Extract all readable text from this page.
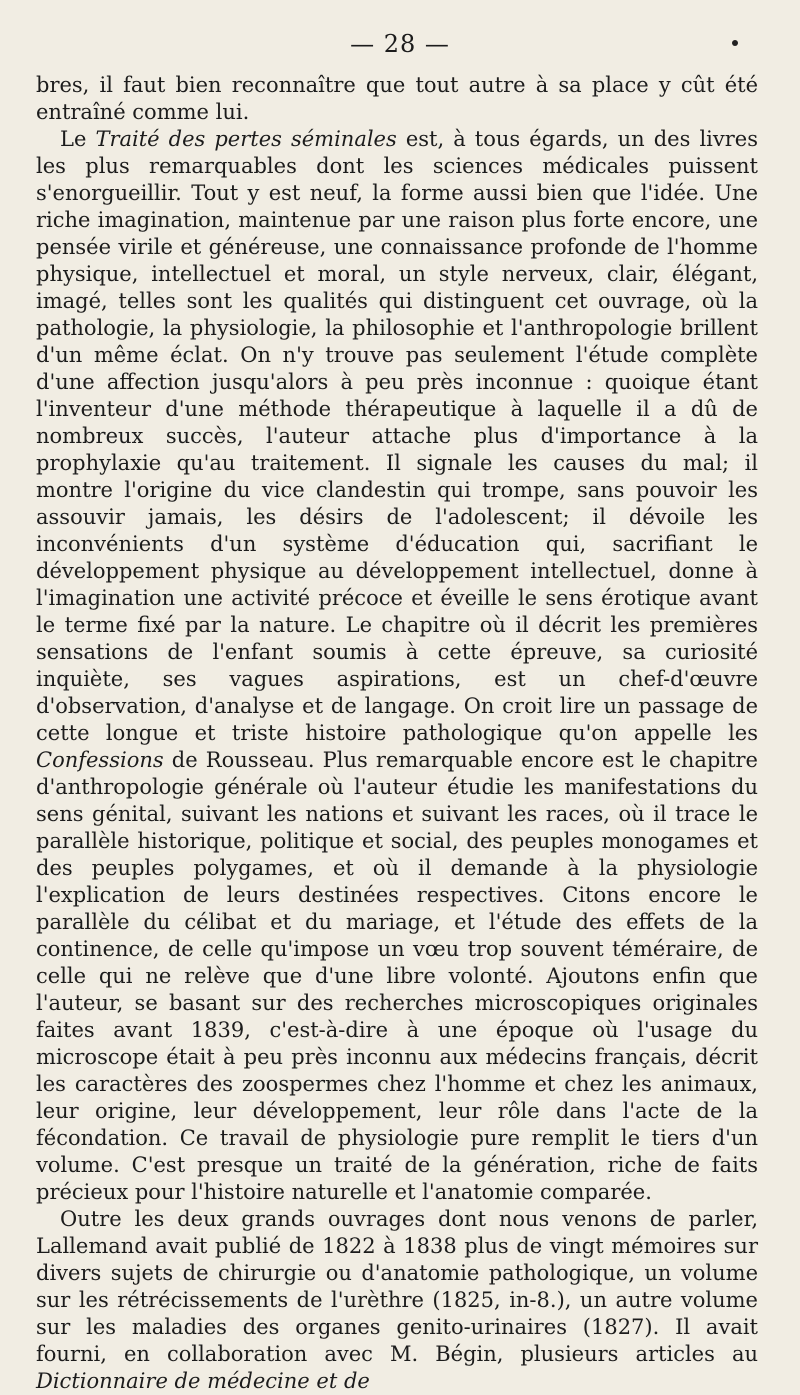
— 28 —

bres, il faut bien reconnaître que tout autre à sa place y cût été entraîné comme lui.

Le Traité des pertes séminales est, à tous égards, un des livres les plus remarquables dont les sciences médicales puissent s'enorgueillir. Tout y est neuf, la forme aussi bien que l'idée. Une riche imagination, maintenue par une raison plus forte encore, une pensée virile et généreuse, une connaissance profonde de l'homme physique, intellectuel et moral, un style nerveux, clair, élégant, imagé, telles sont les qualités qui distinguent cet ouvrage, où la pathologie, la physiologie, la philosophie et l'anthropologie brillent d'un même éclat. On n'y trouve pas seulement l'étude complète d'une affection jusqu'alors à peu près inconnue : quoique étant l'inventeur d'une méthode thérapeutique à laquelle il a dû de nombreux succès, l'auteur attache plus d'importance à la prophylaxie qu'au traitement. Il signale les causes du mal; il montre l'origine du vice clandestin qui trompe, sans pouvoir les assouvir jamais, les désirs de l'adolescent; il dévoile les inconvénients d'un système d'éducation qui, sacrifiant le développement physique au développement intellectuel, donne à l'imagination une activité précoce et éveille le sens érotique avant le terme fixé par la nature. Le chapitre où il décrit les premières sensations de l'enfant soumis à cette épreuve, sa curiosité inquiète, ses vagues aspirations, est un chef-d'œuvre d'observation, d'analyse et de langage. On croit lire un passage de cette longue et triste histoire pathologique qu'on appelle les Confessions de Rousseau. Plus remarquable encore est le chapitre d'anthropologie générale où l'auteur étudie les manifestations du sens génital, suivant les nations et suivant les races, où il trace le parallèle historique, politique et social, des peuples monogames et des peuples polygames, et où il demande à la physiologie l'explication de leurs destinées respectives. Citons encore le parallèle du célibat et du mariage, et l'étude des effets de la continence, de celle qu'impose un vœu trop souvent téméraire, de celle qui ne relève que d'une libre volonté. Ajoutons enfin que l'auteur, se basant sur des recherches microscopiques originales faites avant 1839, c'est-à-dire à une époque où l'usage du microscope était à peu près inconnu aux médecins français, décrit les caractères des zoospermes chez l'homme et chez les animaux, leur origine, leur développement, leur rôle dans l'acte de la fécondation. Ce travail de physiologie pure remplit le tiers d'un volume. C'est presque un traité de la génération, riche de faits précieux pour l'histoire naturelle et l'anatomie comparée.

Outre les deux grands ouvrages dont nous venons de parler, Lallemand avait publié de 1822 à 1838 plus de vingt mémoires sur divers sujets de chirurgie ou d'anatomie pathologique, un volume sur les rétrécissements de l'urèthre (1825, in-8.), un autre volume sur les maladies des organes genito-urinaires (1827). Il avait fourni, en collaboration avec M. Bégin, plusieurs articles au Dictionnaire de médecine et de
